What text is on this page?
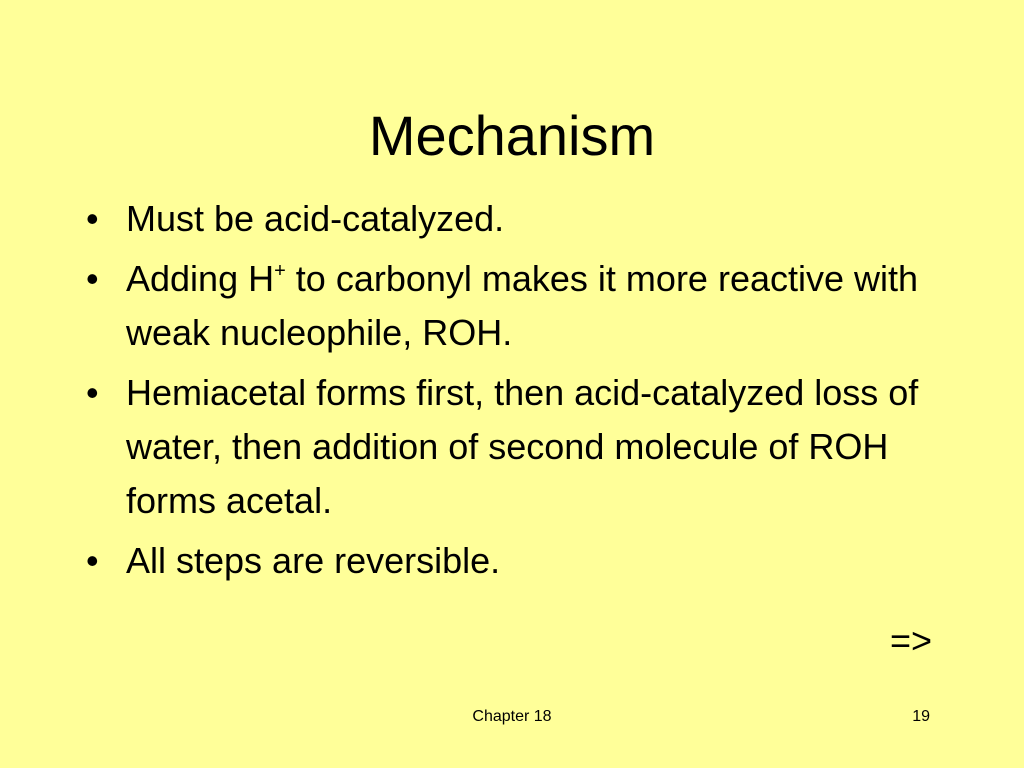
Mechanism
• Must be acid-catalyzed.
• Adding H+ to carbonyl makes it more reactive with weak nucleophile, ROH.
• Hemiacetal forms first, then acid-catalyzed loss of water, then addition of second molecule of ROH forms acetal.
• All steps are reversible.
=>
Chapter 18	19
